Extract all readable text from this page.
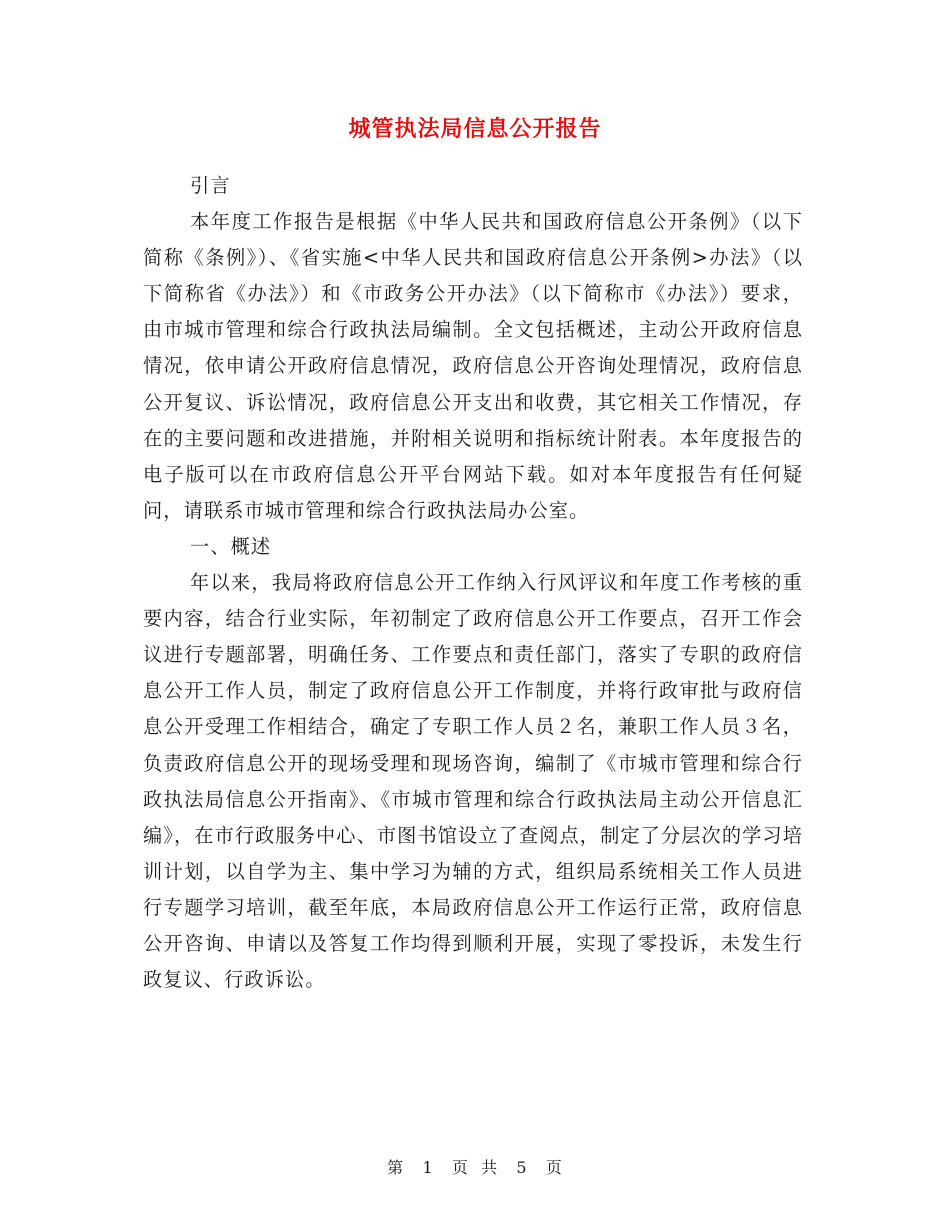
城管执法局信息公开报告

引言

本年度工作报告是根据《中华人民共和国政府信息公开条例》（以下简称《条例》）、《省实施<中华人民共和国政府信息公开条例>办法》（以下简称省《办法》）和《市政务公开办法》（以下简称市《办法》）要求，由市城市管理和综合行政执法局编制。全文包括概述，主动公开政府信息情况，依申请公开政府信息情况，政府信息公开咨询处理情况，政府信息公开复议、诉讼情况，政府信息公开支出和收费，其它相关工作情况，存在的主要问题和改进措施，并附相关说明和指标统计附表。本年度报告的电子版可以在市政府信息公开平台网站下载。如对本年度报告有任何疑问，请联系市城市管理和综合行政执法局办公室。

一、概述

年以来，我局将政府信息公开工作纳入行风评议和年度工作考核的重要内容，结合行业实际，年初制定了政府信息公开工作要点，召开工作会议进行专题部署，明确任务、工作要点和责任部门，落实了专职的政府信息公开工作人员，制定了政府信息公开工作制度，并将行政审批与政府信息公开受理工作相结合，确定了专职工作人员２名，兼职工作人员３名，负责政府信息公开的现场受理和现场咨询，编制了《市城市管理和综合行政执法局信息公开指南》、《市城市管理和综合行政执法局主动公开信息汇编》，在市行政服务中心、市图书馆设立了查阅点，制定了分层次的学习培训计划，以自学为主、集中学习为辅的方式，组织局系统相关工作人员进行专题学习培训，截至年底，本局政府信息公开工作运行正常，政府信息公开咨询、申请以及答复工作均得到顺利开展，实现了零投诉，未发生行政复议、行政诉讼。

第 1 页  共 5 页
